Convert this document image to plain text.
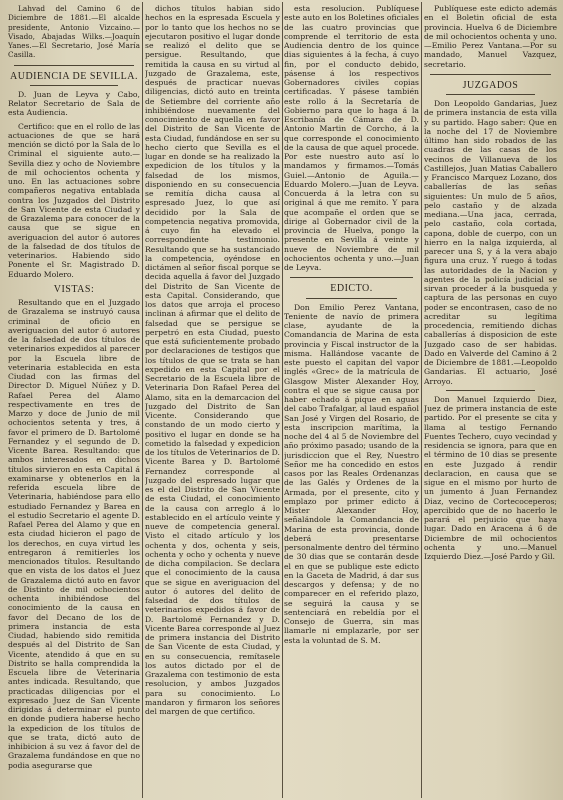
Lahvad del Camino 6 de Diciembre de 1881.—El alcalde presidente, Antonio Vizcaino.—Visado, Abajadas Wilks.—Joaquín Yanes.—El Secretario, José María Casilla.

AUDIENCIA DE SEVILLA.

D. Juan de Leyva y Cabo, Relator Secretario de Sala de esta Audiencia.

Certifico: que en el rollo de las actuaciones de que se hará mención se dictó por la Sala de lo Criminal el siguiente auto.—Sevilla diez y ocho de Noviembre de mil ochocientos ochenta y uno. En las actuaciones sobre compañeros negativa entablada contra los Juzgados del Distrito de San Vicente de esta Ciudad y de Grazalema para conocer de la causa que se sigue en averiguacion del autor ó autores de la falsedad de dos títulos de veterinarios. Habiendo sido Ponente el Sr. Magistrado D. Eduardo Molero.

VISTAS:

Resultando que en el Juzgado de Grazalema se instruyó causa criminal de oficio en averiguacion del autor ó autores de la falsedad de dos títulos de veterinarios expedidos al parecer por la Escuela libre de veterinaria establecida en esta Ciudad con las firmas del Director D. Miguel Núñez y D. Rafael Perea del Alamo respectivamente en tres de Marzo y doce de Junio de mil ochocientos setenta y tres, á favor el primero de D. Bartolomé Fernandez y el segundo de D. Vicente Barea. Resultando: que ambos interesados en dichos títulos sirvieron en esta Capital á examinarse y obtenerlos en la referida escuela libre de Veterinaria, habiéndose para ello estudiado Fernandez y Barea en el estudio Secretario el agente D. Rafael Perea del Alamo y que en esta ciudad hicieron el pago de los derechos, en cuya virtud les entregaron á remitierles los mencionados títulos. Resultando que en vista de los datos el Juez de Grazalema dictó auto en favor de Distinto de mil ochocientos ochenta inhibiéndose del conocimiento de la causa en favor del Decano de los de primera instancia de esta Ciudad, habiendo sido remitida después al del Distrito de San Vicente, atendido á que en su Distrito se halla comprendida la Escuela libre de Veterinaria antes indicada. Resultando, que practicadas diligencias por el expresado Juez de San Vicente dirigidas á determinar el punto en donde pudiera haberse hecho la expedicion de los títulos de que se trata, dictó auto de inhibicion á su vez á favor del de Grazalema fundándose en que no podia asegurarse que

dichos títulos habian sido hechos en la espresada Escuela y por lo tanto que los hechos no se ejecutaron positivo el lugar donde se realizó el delito que se persigue. Resultando, que remitida la causa en su virtud al Juzgado de Grazalema, este, después de practicar nuevas diligencias, dictó auto en treinta de Setiembre del corriente año inhibiéndose nuevamente del conocimiento de aquella en favor del Distrito de San Vicente de esta Ciudad, fundándose en ser su hecho cierto que Sevilla es el lugar en donde se ha realizado la expedicion de los títulos y la falsedad de los mismos, disponiendo en su consecuencia se remitía dicha causa al espresado Juez, lo que así decidido por la Sala de competencia negativa promovida, á cuyo fin ha elevado el correspondiente testimonio. Resultando que se ha sustanciado la competencia, oyéndose en dictámen al señor fiscal porque se decida aquella á favor del Juzgado del Distrito de San Vicente de esta Capital. Considerando, que los datos que arroja el proceso inclinan á afirmar que el delito de falsedad que se persigue se perpetró en esta Ciudad, puesto que está suficientemente probado por declaraciones de testigos que los títulos de que se trata se han expedido en esta Capital por el Secretario de la Escuela libre de Veterinaria Don Rafael Perea del Alamo, sita en la demarcacion del Juzgado del Distrito de San Vicente. Considerando que constando de un modo cierto y positivo el lugar en donde se ha cometido la falsedad y expedicion de los títulos de Veterinarios de D. Vicente Barea y D. Bartolomé Fernandez corresponde al Juzgado del espresado lugar que es el del Distrito de San Vicente de esta Ciudad, el conocimiento de la causa con arreglo á lo establecido en el artículo veinte y nueve de competencia general. Visto el citado artículo y los ochenta y dos, ochenta y seis, ochenta y ocho y ochenta y nueve de dicha compilacion. Se declara que el conocimiento de la causa que se sigue en averiguacion del autor ó autores del delito de falsedad de dos títulos de veterinarios expedidos á favor de D. Bartolomé Fernandez y D. Vicente Barea corresponde al Juez de primera instancia del Distrito de San Vicente de esta Ciudad, y en su consecuencia, remítasele los autos dictado por el de Grazalema con testimonio de esta resolucion, y ambos Juzgados para su conocimiento. Lo mandaron y firmaron los señores del margen de que certifico.

esta resolucion. Publíquese este auto en los Boletines oficiales de las cuatro provincias que comprende el territorio de esta Audiencia dentro de los quince dias siguientes á la fecha, á cuyo fin, por el conducto debido, pásense á los respectivos Gobernadores civiles copias certificadas. Y pásese también este rollo á la Secretaría de Gobierno para que lo haga á la Escribanía de Cámara de D. Antonio Martin de Corcho, á la que corresponde el conocimiento de la causa de que aquel procede. Por este nuestro auto así lo mandamos y firmamos.—Tomás Guiel.—Antonio de Aguila.—Eduardo Molero.—Juan de Leyva. Concuerda á la letra con su original á que me remito. Y para que acompañe el orden que se dirige al Gobernador civil de la provincia de Huelva, pongo la presente en Sevilla á veinte y nueve de Noviembre de mil ochocientos ochenta y uno.—Juan de Leyva.

EDICTO.

Don Emilio Perez Vantana, Teniente de navío de primera clase, ayudante de la Comandancia de Marina de esta provincia y Fiscal instructor de la misma. Hallándose vacante de este puesto el capitan del vapor inglés «Grec» de la matrícula de Glasgow Mister Alexander Hoy, contra el que se sigue causa por haber echado á pique en aguas del cabo Trafalgar, al laud español San José y Virgen del Rosario, de esta inscripcion marítima, la noche del 4 al 5 de Noviembre del año próximo pasado; usando de la jurisdiccion que el Rey, Nuestro Señor me ha concedido en estos casos por las Reales Ordenanzas de las Galés y Ordenes de la Armada, por el presente, cito y emplazo por primer edicto á Mister Alexander Hoy, señalándole la Comandancia de Marina de esta provincia, donde deberá presentarse personalmente dentro del término de 30 dias que se contarán desde el en que se publique este edicto en la Gaceta de Madrid, á dar sus descargos y defensa; y de no comparecer en el referido plazo, se seguirá la causa y se sentenciará en rebeldía por el Consejo de Guerra, sin mas llamarle ni emplazarle, por ser esta la voluntad de S. M.

Publíquese este edicto además en el Boletin oficial de esta provincia. Huelva 6 de Diciembre de mil ochocientos ochenta y uno.—Emilio Perez Vantana.—Por su mandado, Manuel Vazquez, secretario.

JUZGADOS

Don Leopoldo Gandarias, Juez de primera instancia de esta villa y su partido. Hago saber: Que en la noche del 17 de Noviembre último han sido robados de las cuadras de las casas de los vecinos de Villanueva de los Castillejos, Juan Matias Caballero y Francisco Marquez Lozano, dos caballerías de las señas siguientes: Un mulo de 5 años, pelo castaño y de alzada mediana.—Una jaca, cerrada, pelo castaño, cola cortada, capona, doble de cuerpo, con un hierro en la nalga izquierda, al parecer una S, y á la vera abajo figura una cruz. Y ruego á todas las autoridades de la Nacion y agentes de la policía judicial se sirvan proceder á la busqueda y captura de las personas en cuyo poder se encontrasen, caso de no acreditar su legítima procedencia, remitiendo dichas caballerías á disposicion de este Juzgado caso de ser habidas. Dado en Valverde del Camino á 2 de Diciembre de 1881.—Leopoldo Gandarias. El actuario, José Arroyo.

Don Manuel Izquierdo Diez, Juez de primera instancia de este partido. Por el presente se cita y llama al testigo Fernando Fuentes Techero, cuyo vecindad y residencia se ignora, para que en el término de 10 dias se presente en este Juzgado á rendir declaracion, en causa que se sigue en el mismo por hurto de un jumento á Juan Fernandez Diaz, vecino de Cortecoceperos; apercibido que de no hacerlo le parará el perjuicio que haya lugar. Dado en Aracena á 6 de Diciembre de mil ochocientos ochenta y uno.—Manuel Izquierdo Diez.—José Pardo y Gil.
